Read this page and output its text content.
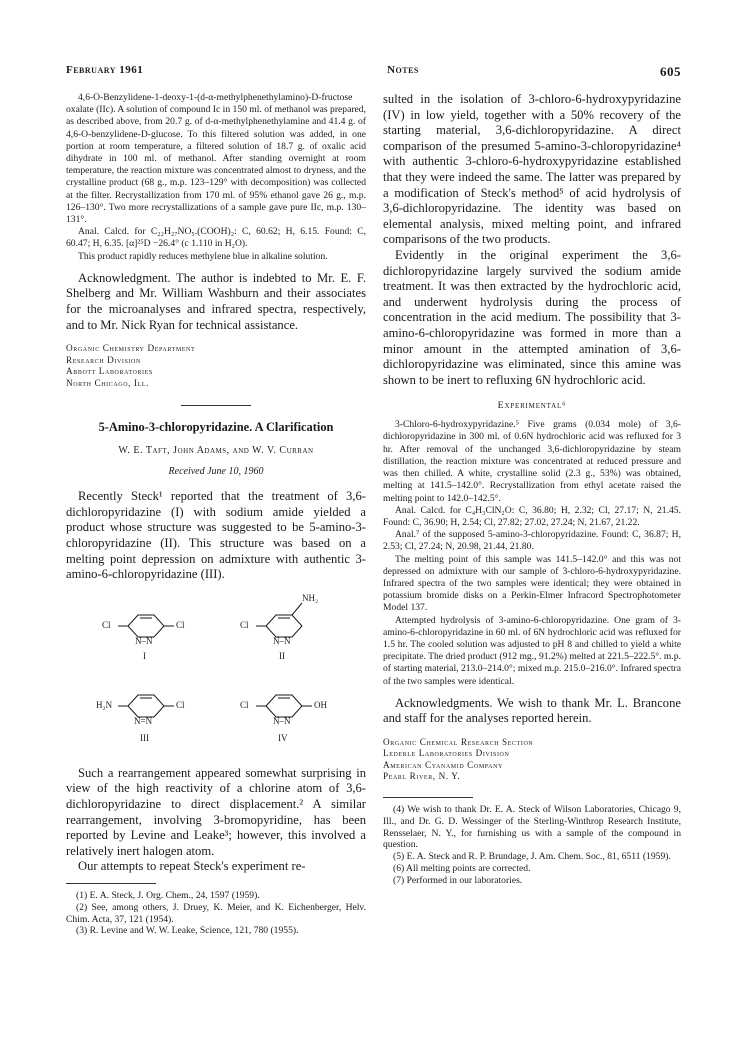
February 1961	Notes	605

4,6-O-Benzylidene-1-deoxy-1-(d-α-methylphenethylamino)-D-fructose oxalate (IIc). A solution of compound Ic in 150 ml. of methanol was prepared, as described above, from 20.7 g. of d-α-methylphenethylamine and 41.4 g. of 4,6-O-benzylidene-D-glucose. To this filtered solution was added, in one portion at room temperature, a filtered solution of 18.7 g. of oxalic acid dihydrate in 100 ml. of methanol. After standing overnight at room temperature, the reaction mixture was concentrated almost to dryness, and the crystalline product (68 g., m.p. 123–129° with decomposition) was collected at the filter. Recrystallization from 170 ml. of 95% ethanol gave 26 g., m.p. 126–130°. Two more recrystallizations of a sample gave pure IIc, m.p. 130–131°.

Anal. Calcd. for C₂₂H₂₇NO₅.(COOH)₂: C, 60.62; H, 6.15. Found: C, 60.47; H, 6.35. [α]²⁵D −26.4° (c 1.110 in H₂O).

This product rapidly reduces methylene blue in alkaline solution.

Acknowledgment. The author is indebted to Mr. E. F. Shelberg and Mr. William Washburn and their associates for the microanalyses and infrared spectra, respectively, and to Mr. Nick Ryan for technical assistance.

Organic Chemistry Department
Research Division
Abbott Laboratories
North Chicago, Ill.
5-Amino-3-chloropyridazine. A Clarification
W. E. Taft, John Adams, and W. V. Curran
Received June 10, 1960

Recently Steck¹ reported that the treatment of 3,6-dichloropyridazine (I) with sodium amide yielded a product whose structure was suggested to be 5-amino-3-chloropyridazine (II). This structure was based on a melting point depression on admixture with authentic 3-amino-6-chloropyridazine (III).

Cl	Cl
N–N
I
Cl
NH₂
N–N
II
H₂N	Cl
N=N
III
Cl	OH
N–N
IV

Such a rearrangement appeared somewhat surprising in view of the high reactivity of a chlorine atom of 3,6-dichloropyridazine to direct displacement.² A similar rearrangement, involving 3-bromopyridine, has been reported by Levine and Leake³; however, this involved a relatively inert halogen atom.

Our attempts to repeat Steck's experiment re-

(1) E. A. Steck, J. Org. Chem., 24, 1597 (1959).
(2) See, among others, J. Druey, K. Meier, and K. Eichenberger, Helv. Chim. Acta, 37, 121 (1954).
(3) R. Levine and W. W. Leake, Science, 121, 780 (1955).

sulted in the isolation of 3-chloro-6-hydroxypyridazine (IV) in low yield, together with a 50% recovery of the starting material, 3,6-dichloropyridazine. A direct comparison of the presumed 5-amino-3-chloropyridazine⁴ with authentic 3-chloro-6-hydroxypyridazine established that they were indeed the same. The latter was prepared by a modification of Steck's method⁵ of acid hydrolysis of 3,6-dichloropyridazine. The identity was based on elemental analysis, mixed melting point, and infrared comparisons of the two products.

Evidently in the original experiment the 3,6-dichloropyridazine largely survived the sodium amide treatment. It was then extracted by the hydrochloric acid, and underwent hydrolysis during the process of concentration in the acid medium. The possibility that 3-amino-6-chloropyridazine was formed in more than a minor amount in the attempted amination of 3,6-dichloropyridazine was eliminated, since this amine was shown to be inert to refluxing 6N hydrochloric acid.

Experimental⁶

3-Chloro-6-hydroxypyridazine.⁵ Five grams (0.034 mole) of 3,6-dichloropyridazine in 300 ml. of 0.6N hydrochloric acid was refluxed for 3 hr. After removal of the unchanged 3,6-dichloropyridazine by steam distillation, the reaction mixture was concentrated at reduced pressure and was then chilled. A white, crystalline solid (2.3 g., 53%) was obtained, melting at 141.5–142.0°. Recrystallization from ethyl acetate raised the melting point to 142.0–142.5°.

Anal. Calcd. for C₄H₃ClN₂O: C, 36.80; H, 2.32; Cl, 27.17; N, 21.45. Found: C, 36.90; H, 2.54; Cl, 27.82; 27.02, 27.24; N, 21.67, 21.22.

Anal.⁷ of the supposed 5-amino-3-chloropyridazine. Found: C, 36.87; H, 2.53; Cl, 27.24; N, 20.98, 21.44, 21.80.

The melting point of this sample was 141.5–142.0° and this was not depressed on admixture with our sample of 3-chloro-6-hydroxypyridazine. Infrared spectra of the two samples were identical; they were obtained in potassium bromide disks on a Perkin-Elmer Infracord Spectrophotometer Model 137.

Attempted hydrolysis of 3-amino-6-chloropyridazine. One gram of 3-amino-6-chloropyridazine in 60 ml. of 6N hydrochloric acid was refluxed for 1.5 hr. The cooled solution was adjusted to pH 8 and chilled to yield a white precipitate. The dried product (912 mg., 91.2%) melted at 221.5–222.5°. m.p. of starting material, 213.0–214.0°; mixed m.p. 215.0–216.0°. Infrared spectra of the two samples were identical.

Acknowledgments. We wish to thank Mr. L. Brancone and staff for the analyses reported herein.

Organic Chemical Research Section
Lederle Laboratories Division
American Cyanamid Company
Pearl River, N. Y.
(4) We wish to thank Dr. E. A. Steck of Wilson Laboratories, Chicago 9, Ill., and Dr. G. D. Wessinger of the Sterling-Winthrop Research Institute, Rensselaer, N. Y., for furnishing us with a sample of the compound in question.
(5) E. A. Steck and R. P. Brundage, J. Am. Chem. Soc., 81, 6511 (1959).
(6) All melting points are corrected.
(7) Performed in our laboratories.
